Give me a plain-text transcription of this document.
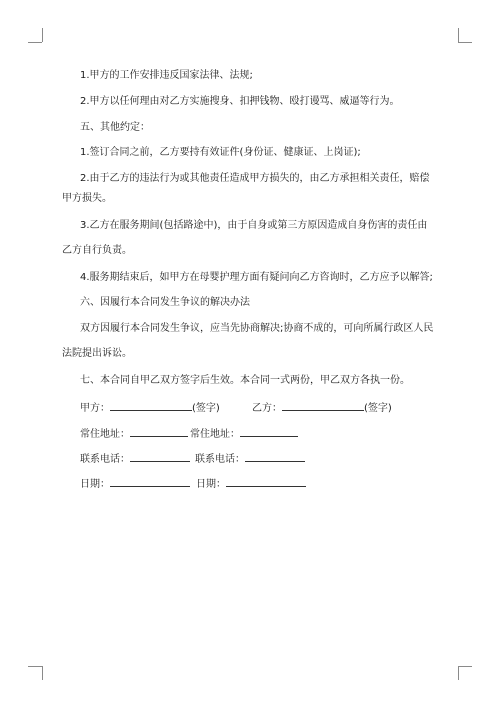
1.甲方的工作安排违反国家法律、法规;
2.甲方以任何理由对乙方实施搜身、扣押钱物、殴打谩骂、威逼等行为。
五、其他约定：
1.签订合同之前，乙方要持有效证件(身份证、健康证、上岗证);
2.由于乙方的违法行为或其他责任造成甲方损失的，由乙方承担相关责任，赔偿
甲方损失。
3.乙方在服务期间(包括路途中)，由于自身或第三方原因造成自身伤害的责任由
乙方自行负责。
4.服务期结束后，如甲方在母婴护理方面有疑问向乙方咨询时，乙方应予以解答;
六、因履行本合同发生争议的解决办法
双方因履行本合同发生争议，应当先协商解决;协商不成的，可向所属行政区人民
法院提出诉讼。
七、本合同自甲乙双方签字后生效。本合同一式两份，甲乙双方各执一份。
甲方：	(签字)	乙方：	(签字)
常住地址：	常住地址：
联系电话：	联系电话：
日期：	日期：
